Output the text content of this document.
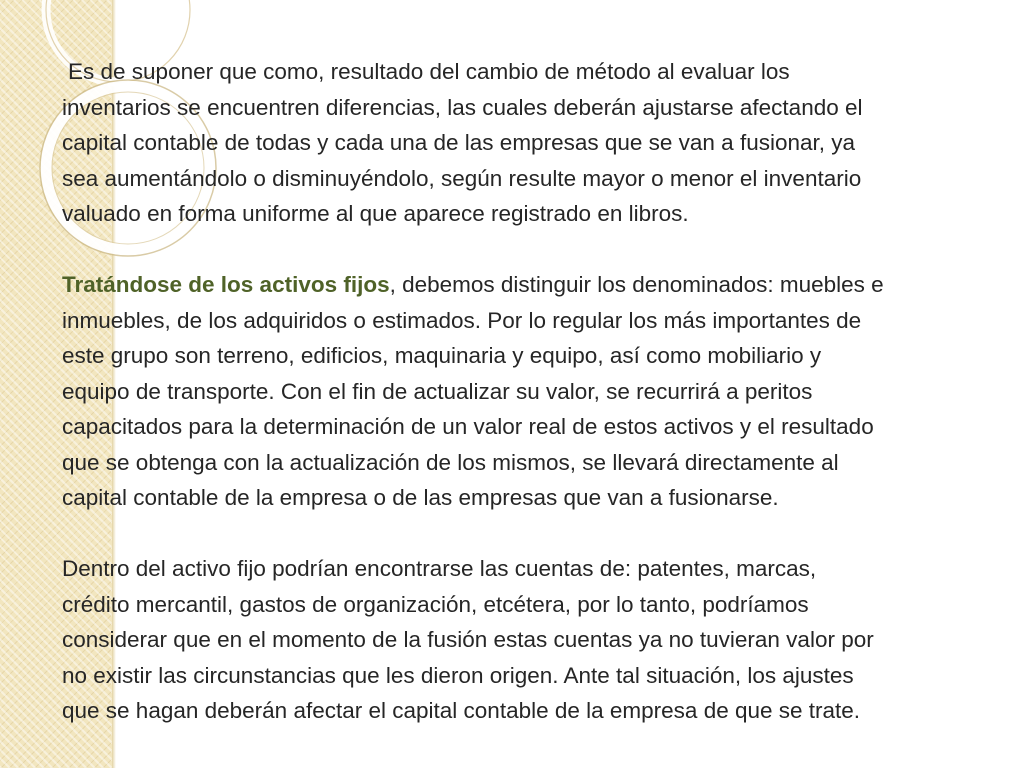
Es de suponer que como, resultado del cambio de método al evaluar los
inventarios se encuentren diferencias, las cuales deberán ajustarse afectando el
capital contable de todas y cada una de las empresas que se van a fusionar, ya
sea aumentándolo o disminuyéndolo, según resulte mayor o menor el inventario
valuado en forma uniforme al que aparece registrado en libros.

Tratándose de los activos fijos, debemos distinguir los denominados: muebles e
inmuebles, de los adquiridos o estimados. Por lo regular los más importantes de
este grupo son terreno, edificios, maquinaria y equipo, así como mobiliario y
equipo de transporte. Con el fin de actualizar su valor, se recurrirá a peritos
capacitados para la determinación de un valor real de estos activos y el resultado
que se obtenga con la actualización de los mismos, se llevará directamente al
capital contable de la empresa o de las empresas que van a fusionarse.

Dentro del activo fijo podrían encontrarse las cuentas de: patentes, marcas,
crédito mercantil, gastos de organización, etcétera, por lo tanto, podríamos
considerar que en el momento de la fusión estas cuentas ya no tuvieran valor por
no existir las circunstancias que les dieron origen. Ante tal situación, los ajustes
que se hagan deberán afectar el capital contable de la empresa de que se trate.
